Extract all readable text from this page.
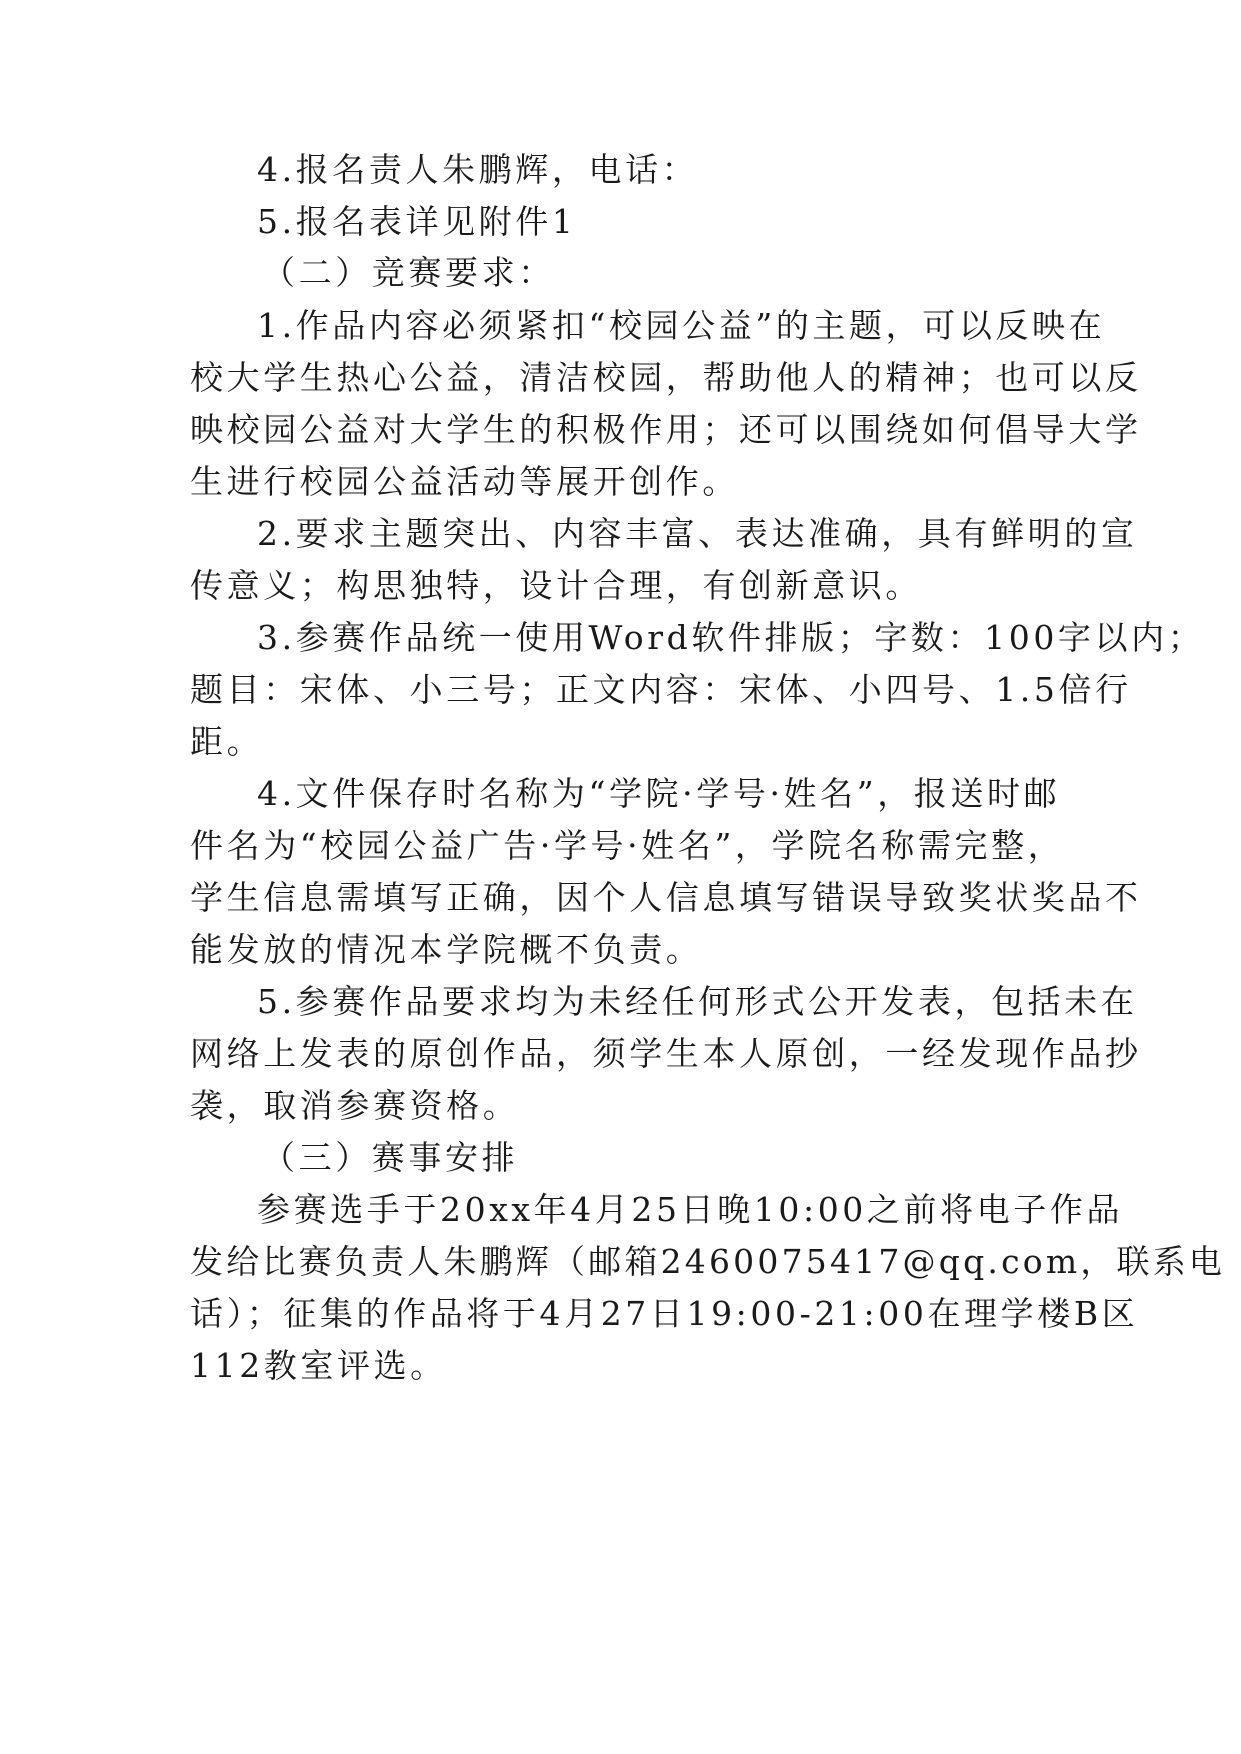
4.报名责人朱鹏辉，电话：
5.报名表详见附件1
（二）竞赛要求：
1.作品内容必须紧扣“校园公益”的主题，可以反映在
校大学生热心公益，清洁校园，帮助他人的精神；也可以反
映校园公益对大学生的积极作用；还可以围绕如何倡导大学
生进行校园公益活动等展开创作。
2.要求主题突出、内容丰富、表达准确，具有鲜明的宣
传意义；构思独特，设计合理，有创新意识。
3.参赛作品统一使用Word软件排版；字数：100字以内；
题目：宋体、小三号；正文内容：宋体、小四号、1.5倍行
距。
4.文件保存时名称为“学院·学号·姓名”，报送时邮
件名为“校园公益广告·学号·姓名”，学院名称需完整，
学生信息需填写正确，因个人信息填写错误导致奖状奖品不
能发放的情况本学院概不负责。
5.参赛作品要求均为未经任何形式公开发表，包括未在
网络上发表的原创作品，须学生本人原创，一经发现作品抄
袭，取消参赛资格。
（三）赛事安排
参赛选手于20xx年4月25日晚10:00之前将电子作品
发给比赛负责人朱鹏辉（邮箱2460075417@qq.com，联系电
话）；征集的作品将于4月27日19:00-21:00在理学楼B区
112教室评选。
